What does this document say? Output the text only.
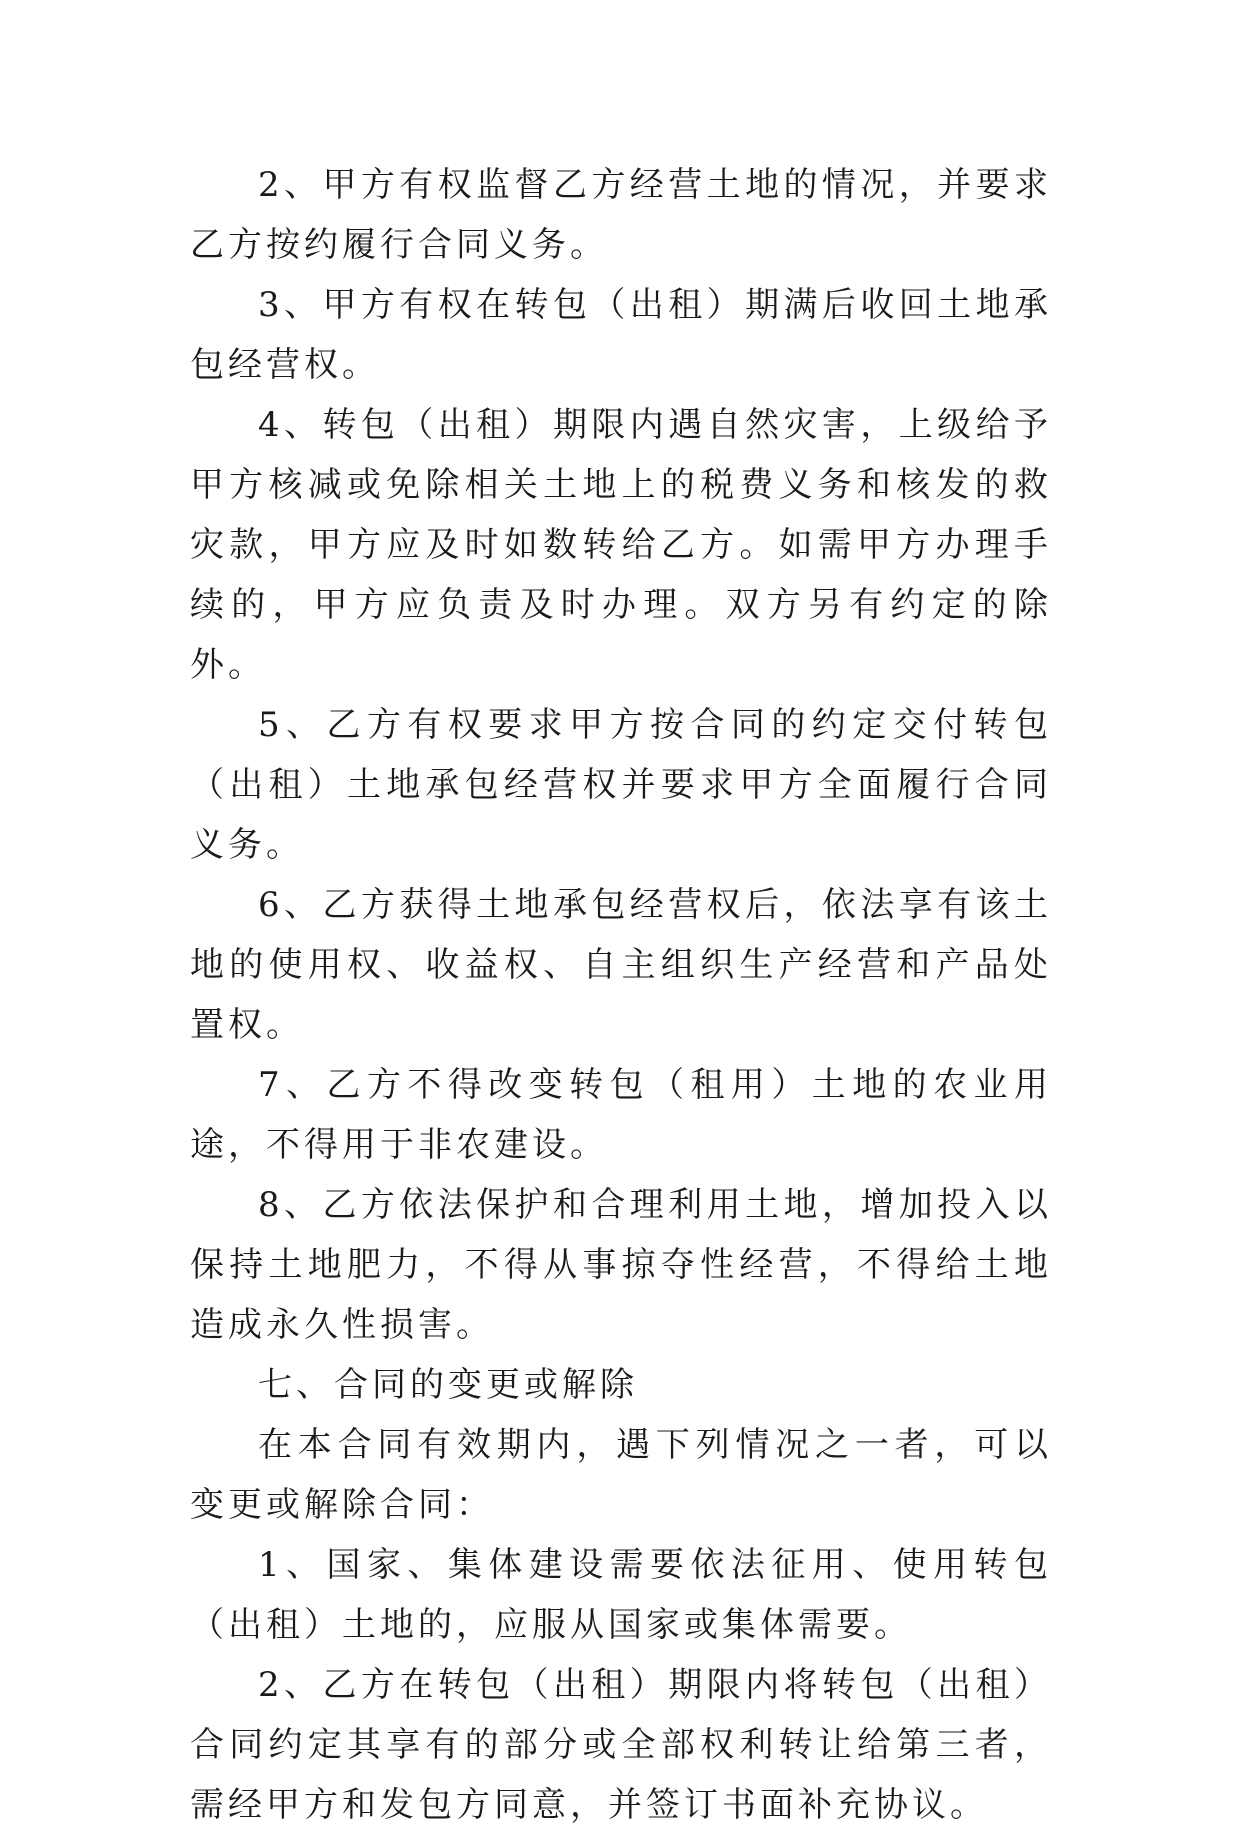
2、甲方有权监督乙方经营土地的情况，并要求乙方按约履行合同义务。

3、甲方有权在转包（出租）期满后收回土地承包经营权。

4、转包（出租）期限内遇自然灾害，上级给予甲方核减或免除相关土地上的税费义务和核发的救灾款，甲方应及时如数转给乙方。如需甲方办理手续的，甲方应负责及时办理。双方另有约定的除外。

5、乙方有权要求甲方按合同的约定交付转包（出租）土地承包经营权并要求甲方全面履行合同义务。

6、乙方获得土地承包经营权后，依法享有该土地的使用权、收益权、自主组织生产经营和产品处置权。

7、乙方不得改变转包（租用）土地的农业用途，不得用于非农建设。

8、乙方依法保护和合理利用土地，增加投入以保持土地肥力，不得从事掠夺性经营，不得给土地造成永久性损害。

七、合同的变更或解除

在本合同有效期内，遇下列情况之一者，可以变更或解除合同：

1、国家、集体建设需要依法征用、使用转包（出租）土地的，应服从国家或集体需要。

2、乙方在转包（出租）期限内将转包（出租）合同约定其享有的部分或全部权利转让给第三者，需经甲方和发包方同意，并签订书面补充协议。
